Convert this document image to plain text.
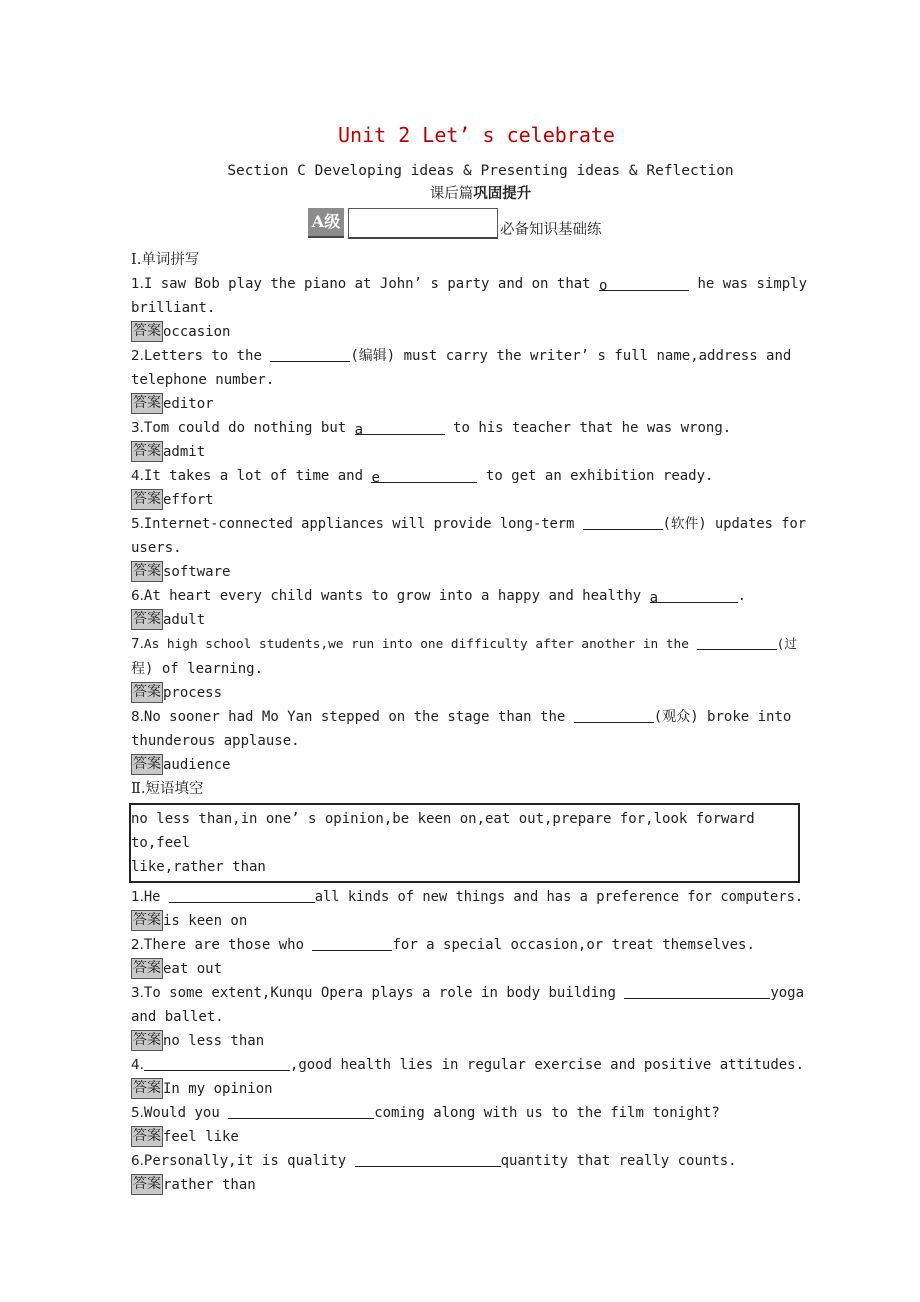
Unit 2 Let’ s celebrate
Section C Developing ideas & Presenting ideas & Reflection
课后篇巩固提升
A级	必备知识基础练
Ⅰ.单词拼写
1.I saw Bob play the piano at John’ s party and on that o	he was simply
brilliant.
答案 occasion
2.Letters to the	(编辑) must carry the writer’ s full name,address and
telephone number.
答案 editor
3.Tom could do nothing but a	to his teacher that he was wrong.
答案 admit
4.It takes a lot of time and e	to get an exhibition ready.
答案 effort
5.Internet-connected appliances will provide long-term	(软件) updates for
users.
答案 software
6.At heart every child wants to grow into a happy and healthy a	.
答案 adult
7.As high school students,we run into one difficulty after another in the	(过
程) of learning.
答案 process
8.No sooner had Mo Yan stepped on the stage than the	(观众) broke into
thunderous applause.
答案 audience
Ⅱ.短语填空
no less than,in one’ s opinion,be keen on,eat out,prepare for,look forward to,feel
like,rather than
1.He	all kinds of new things and has a preference for computers.
答案 is keen on
2.There are those who	for a special occasion,or treat themselves.
答案 eat out
3.To some extent,Kunqu Opera plays a role in body building	yoga
and ballet.
答案 no less than
4.	,good health lies in regular exercise and positive attitudes.
答案 In my opinion
5.Would you	coming along with us to the film tonight?
答案 feel like
6.Personally,it is quality	quantity that really counts.
答案 rather than
